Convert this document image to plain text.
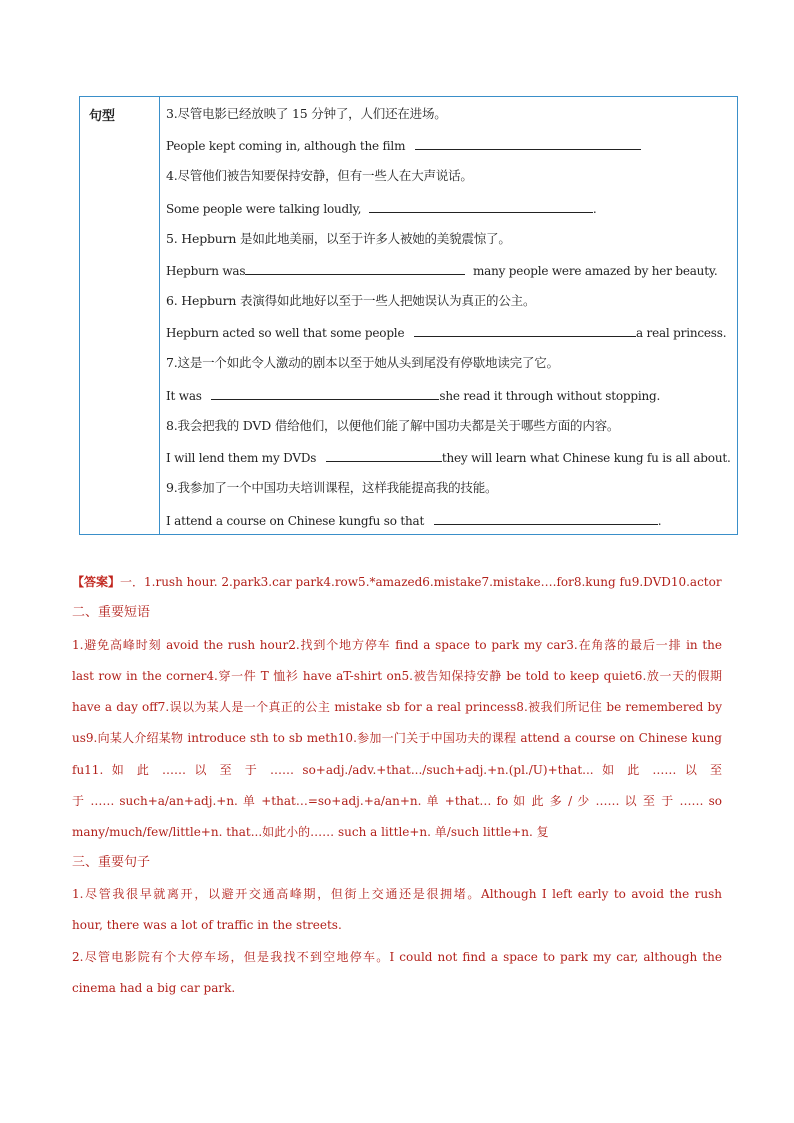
句型	3.尽管电影已经放映了 15 分钟了，人们还在进场。
People kept coming in, although the film
4.尽管他们被告知要保持安静，但有一些人在大声说话。
Some people were talking loudly,	.
5. Hepburn 是如此地美丽，以至于许多人被她的美貌震惊了。
Hepburn was	many people were amazed by her beauty.
6. Hepburn 表演得如此地好以至于一些人把她误认为真正的公主。
Hepburn acted so well that some people	a real princess.
7.这是一个如此令人激动的剧本以至于她从头到尾没有停歇地读完了它。
It was	she read it through without stopping.
8.我会把我的 DVD 借给他们，以便他们能了解中国功夫都是关于哪些方面的内容。
I will lend them my DVDs	they will learn what Chinese kung fu is all about.
9.我参加了一个中国功夫培训课程，这样我能提高我的技能。
I attend a course on Chinese kungfu so that	.
【答案】一．1.rush hour. 2.park3.car park4.row5.*amazed6.mistake7.mistake….for8.kung fu9.DVD10.actor
二、重要短语
1.避免高峰时刻 avoid the rush hour2.找到个地方停车 find a space to park my car3.在角落的最后一排 in the
last row in the corner4.穿一件 T 恤衫 have aT-shirt on5.被告知保持安静 be told to keep quiet6.放一天的假期
have a day off7.误以为某人是一个真正的公主 mistake sb for a real princess8.被我们所记住 be remembered by
us9.向某人介绍某物 introduce sth to sb meth10.参加一门关于中国功夫的课程 attend a course on Chinese kung
fu11. 如 此 …… 以 至 于 …… so+adj./adv.+that.../such+adj.+n.(pl./U)+that... 如 此 …… 以 至
于 …… such+a/an+adj.+n. 单 +that…=so+adj.+a/an+n. 单 +that… fo 如 此 多 / 少 …… 以 至 于 …… so
many/much/few/little+n. that...如此小的…… such a little+n. 单/such little+n. 复
三、重要句子
1.尽管我很早就离开，以避开交通高峰期，但街上交通还是很拥堵。Although I left early to avoid the rush
hour, there was a lot of traffic in the streets.
2.尽管电影院有个大停车场，但是我找不到空地停车。I could not find a space to park my car, although the
cinema had a big car park.
